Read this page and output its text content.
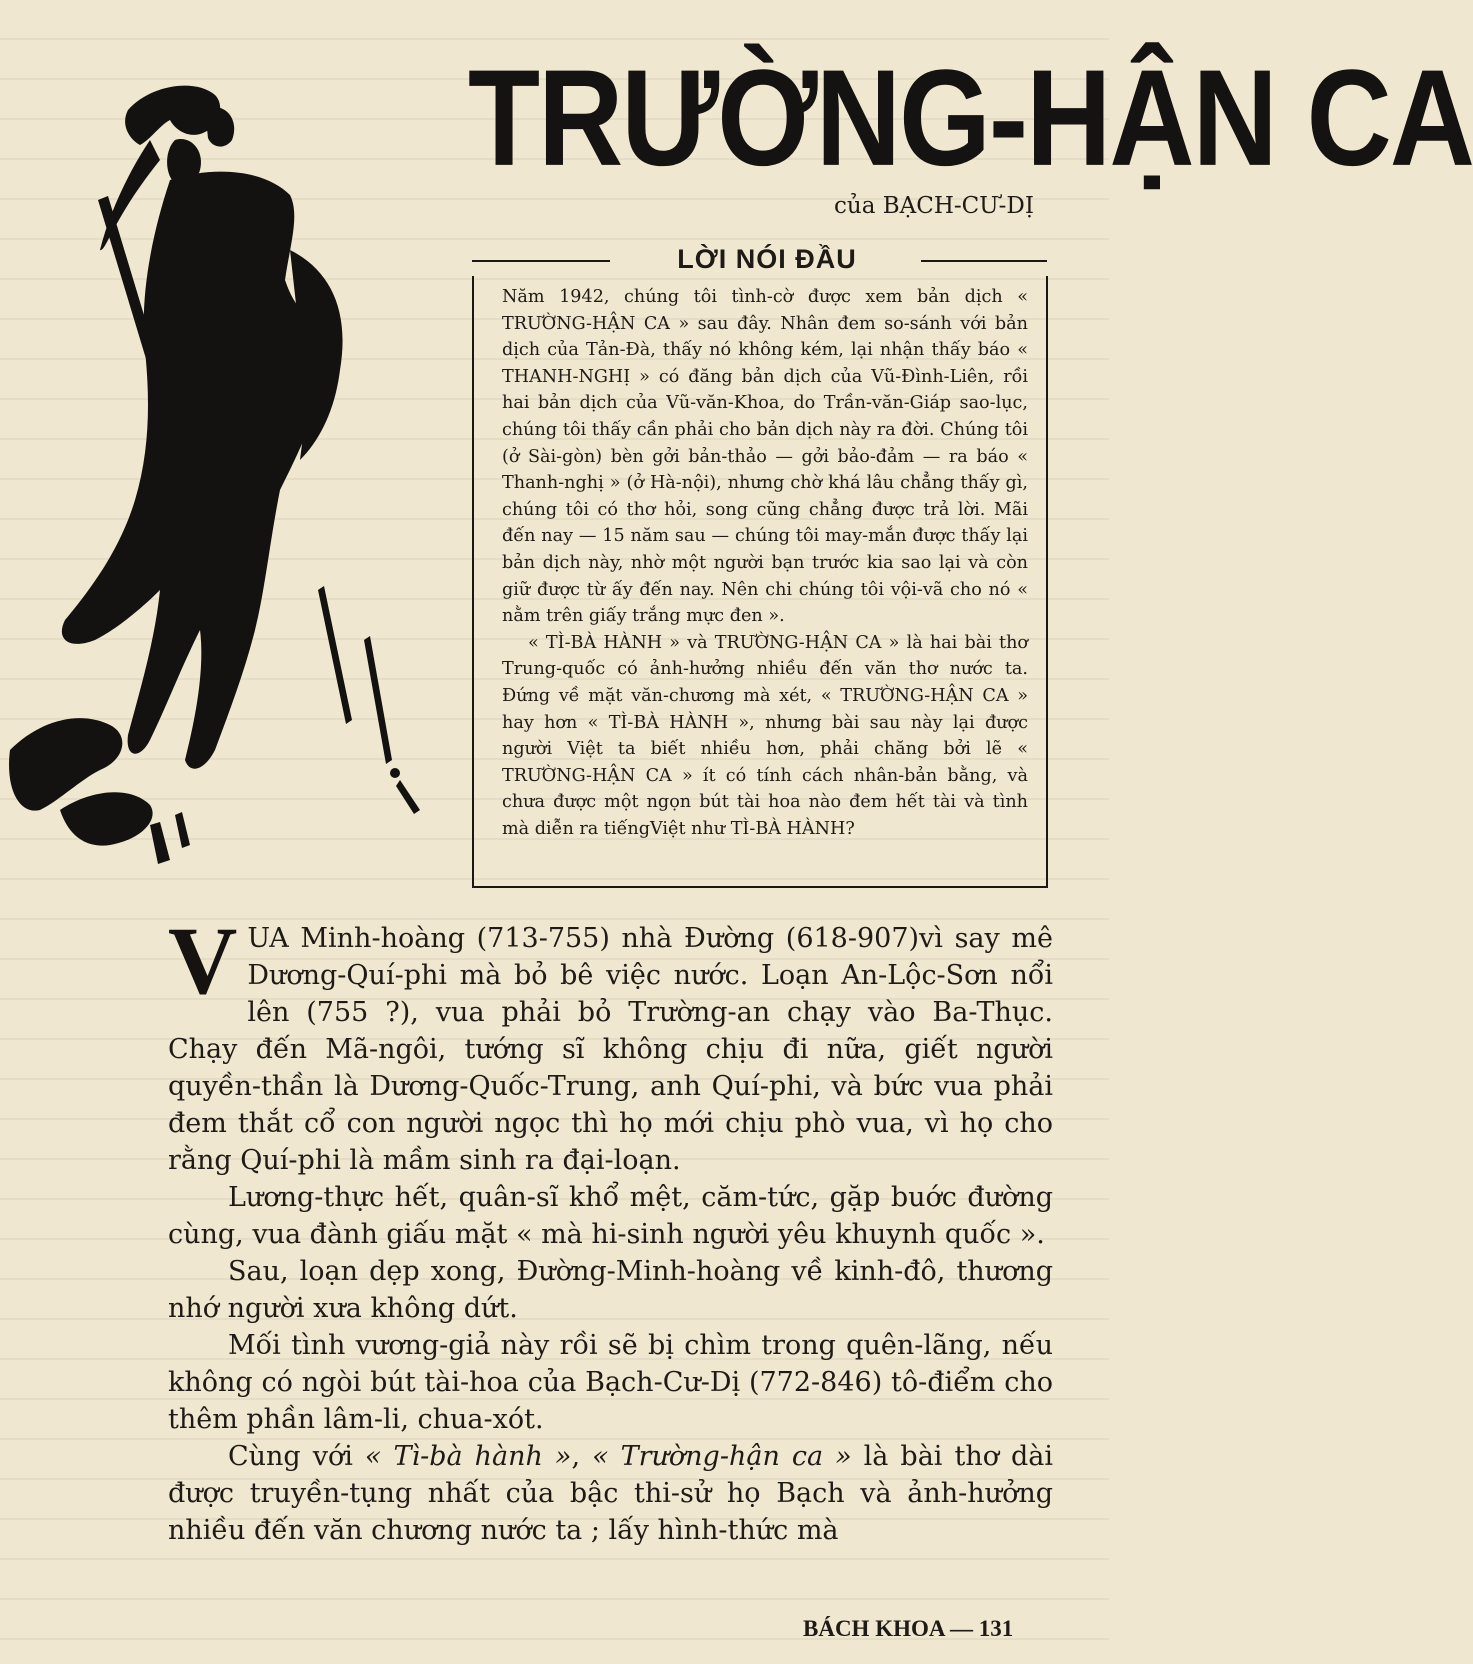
TRƯỜNG-HẬN CA
của BẠCH-CƯ-DỊ
LỜI NÓI ĐẦU

Năm 1942, chúng tôi tình-cờ được xem bản dịch « TRƯỜNG-HẬN CA » sau đây. Nhân đem so-sánh với bản dịch của Tản-Đà, thấy nó không kém, lại nhận thấy báo « THANH-NGHỊ » có đăng bản dịch của Vũ-Đình-Liên, rồi hai bản dịch của Vũ-văn-Khoa, do Trần-văn-Giáp sao-lục, chúng tôi thấy cần phải cho bản dịch này ra đời. Chúng tôi (ở Sài-gòn) bèn gởi bản-thảo — gởi bảo-đảm — ra báo « Thanh-nghị » (ở Hà-nội), nhưng chờ khá lâu chẳng thấy gì, chúng tôi có thơ hỏi, song cũng chẳng được trả lời. Mãi đến nay — 15 năm sau — chúng tôi may-mắn được thấy lại bản dịch này, nhờ một người bạn trước kia sao lại và còn giữ được từ ấy đến nay. Nên chi chúng tôi vội-vã cho nó « nằm trên giấy trắng mực đen ».

« TÌ-BÀ HÀNH » và TRƯỜNG-HẬN CA » là hai bài thơ Trung-quốc có ảnh-hưởng nhiều đến văn thơ nước ta. Đứng về mặt văn-chương mà xét, « TRƯỜNG-HẬN CA » hay hơn « TÌ-BÀ HÀNH », nhưng bài sau này lại được người Việt ta biết nhiều hơn, phải chăng bởi lẽ « TRƯỜNG-HẬN CA » ít có tính cách nhân-bản bằng, và chưa được một ngọn bút tài hoa nào đem hết tài và tình mà diễn ra tiếngViệt như TÌ-BÀ HÀNH?

VUA Minh-hoàng (713-755) nhà Đường (618-907)vì say mê Dương-Quí-phi mà bỏ bê việc nước. Loạn An-Lộc-Sơn nổi lên (755 ?), vua phải bỏ Trường-an chạy vào Ba-Thục. Chạy đến Mã-ngôi, tướng sĩ không chịu đi nữa, giết người quyền-thần là Dương-Quốc-Trung, anh Quí-phi, và bức vua phải đem thắt cổ con người ngọc thì họ mới chịu phò vua, vì họ cho rằng Quí-phi là mầm sinh ra đại-loạn.

Lương-thực hết, quân-sĩ khổ mệt, căm-tức, gặp buớc đường cùng, vua đành giấu mặt « mà hi-sinh người yêu khuynh quốc ».

Sau, loạn dẹp xong, Đường-Minh-hoàng về kinh-đô, thương nhớ người xưa không dứt.

Mối tình vương-giả này rồi sẽ bị chìm trong quên-lãng, nếu không có ngòi bút tài-hoa của Bạch-Cư-Dị (772-846) tô-điểm cho thêm phần lâm-li, chua-xót.

Cùng với « Tì-bà hành », « Trường-hận ca » là bài thơ dài được truyền-tụng nhất của bậc thi-sử họ Bạch và ảnh-hưởng nhiều đến văn chương nước ta ; lấy hình-thức mà

BÁCH KHOA — 131
